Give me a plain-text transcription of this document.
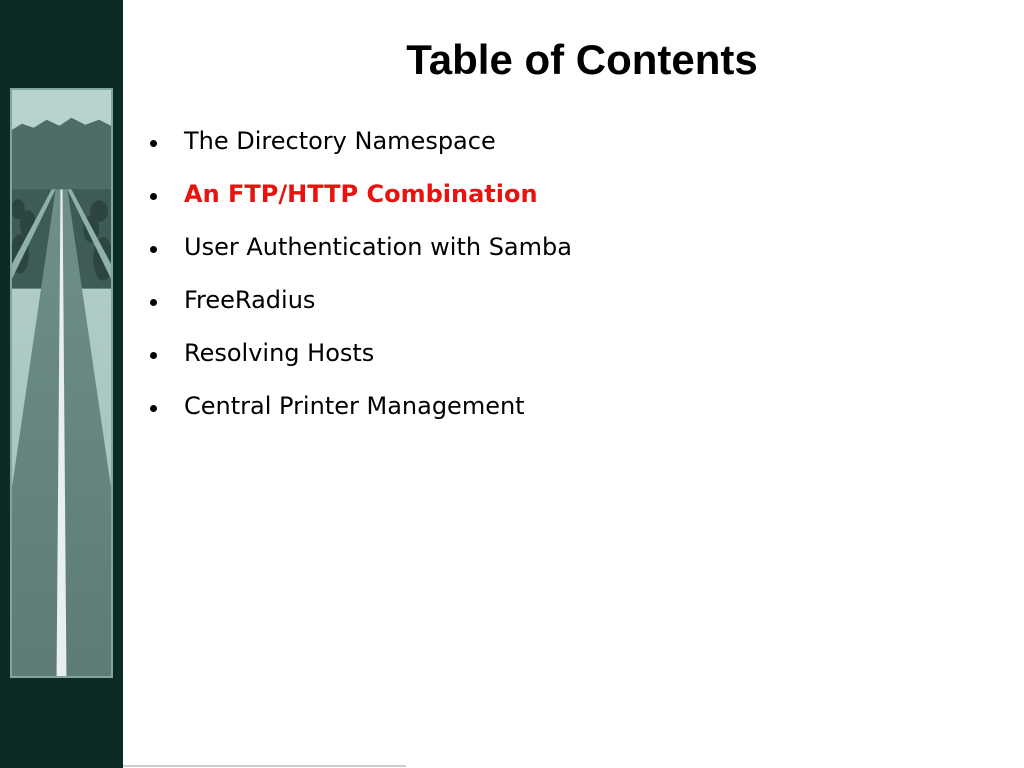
Table of Contents
The Directory Namespace
An FTP/HTTP Combination
User Authentication with Samba
FreeRadius
Resolving Hosts
Central Printer Management
